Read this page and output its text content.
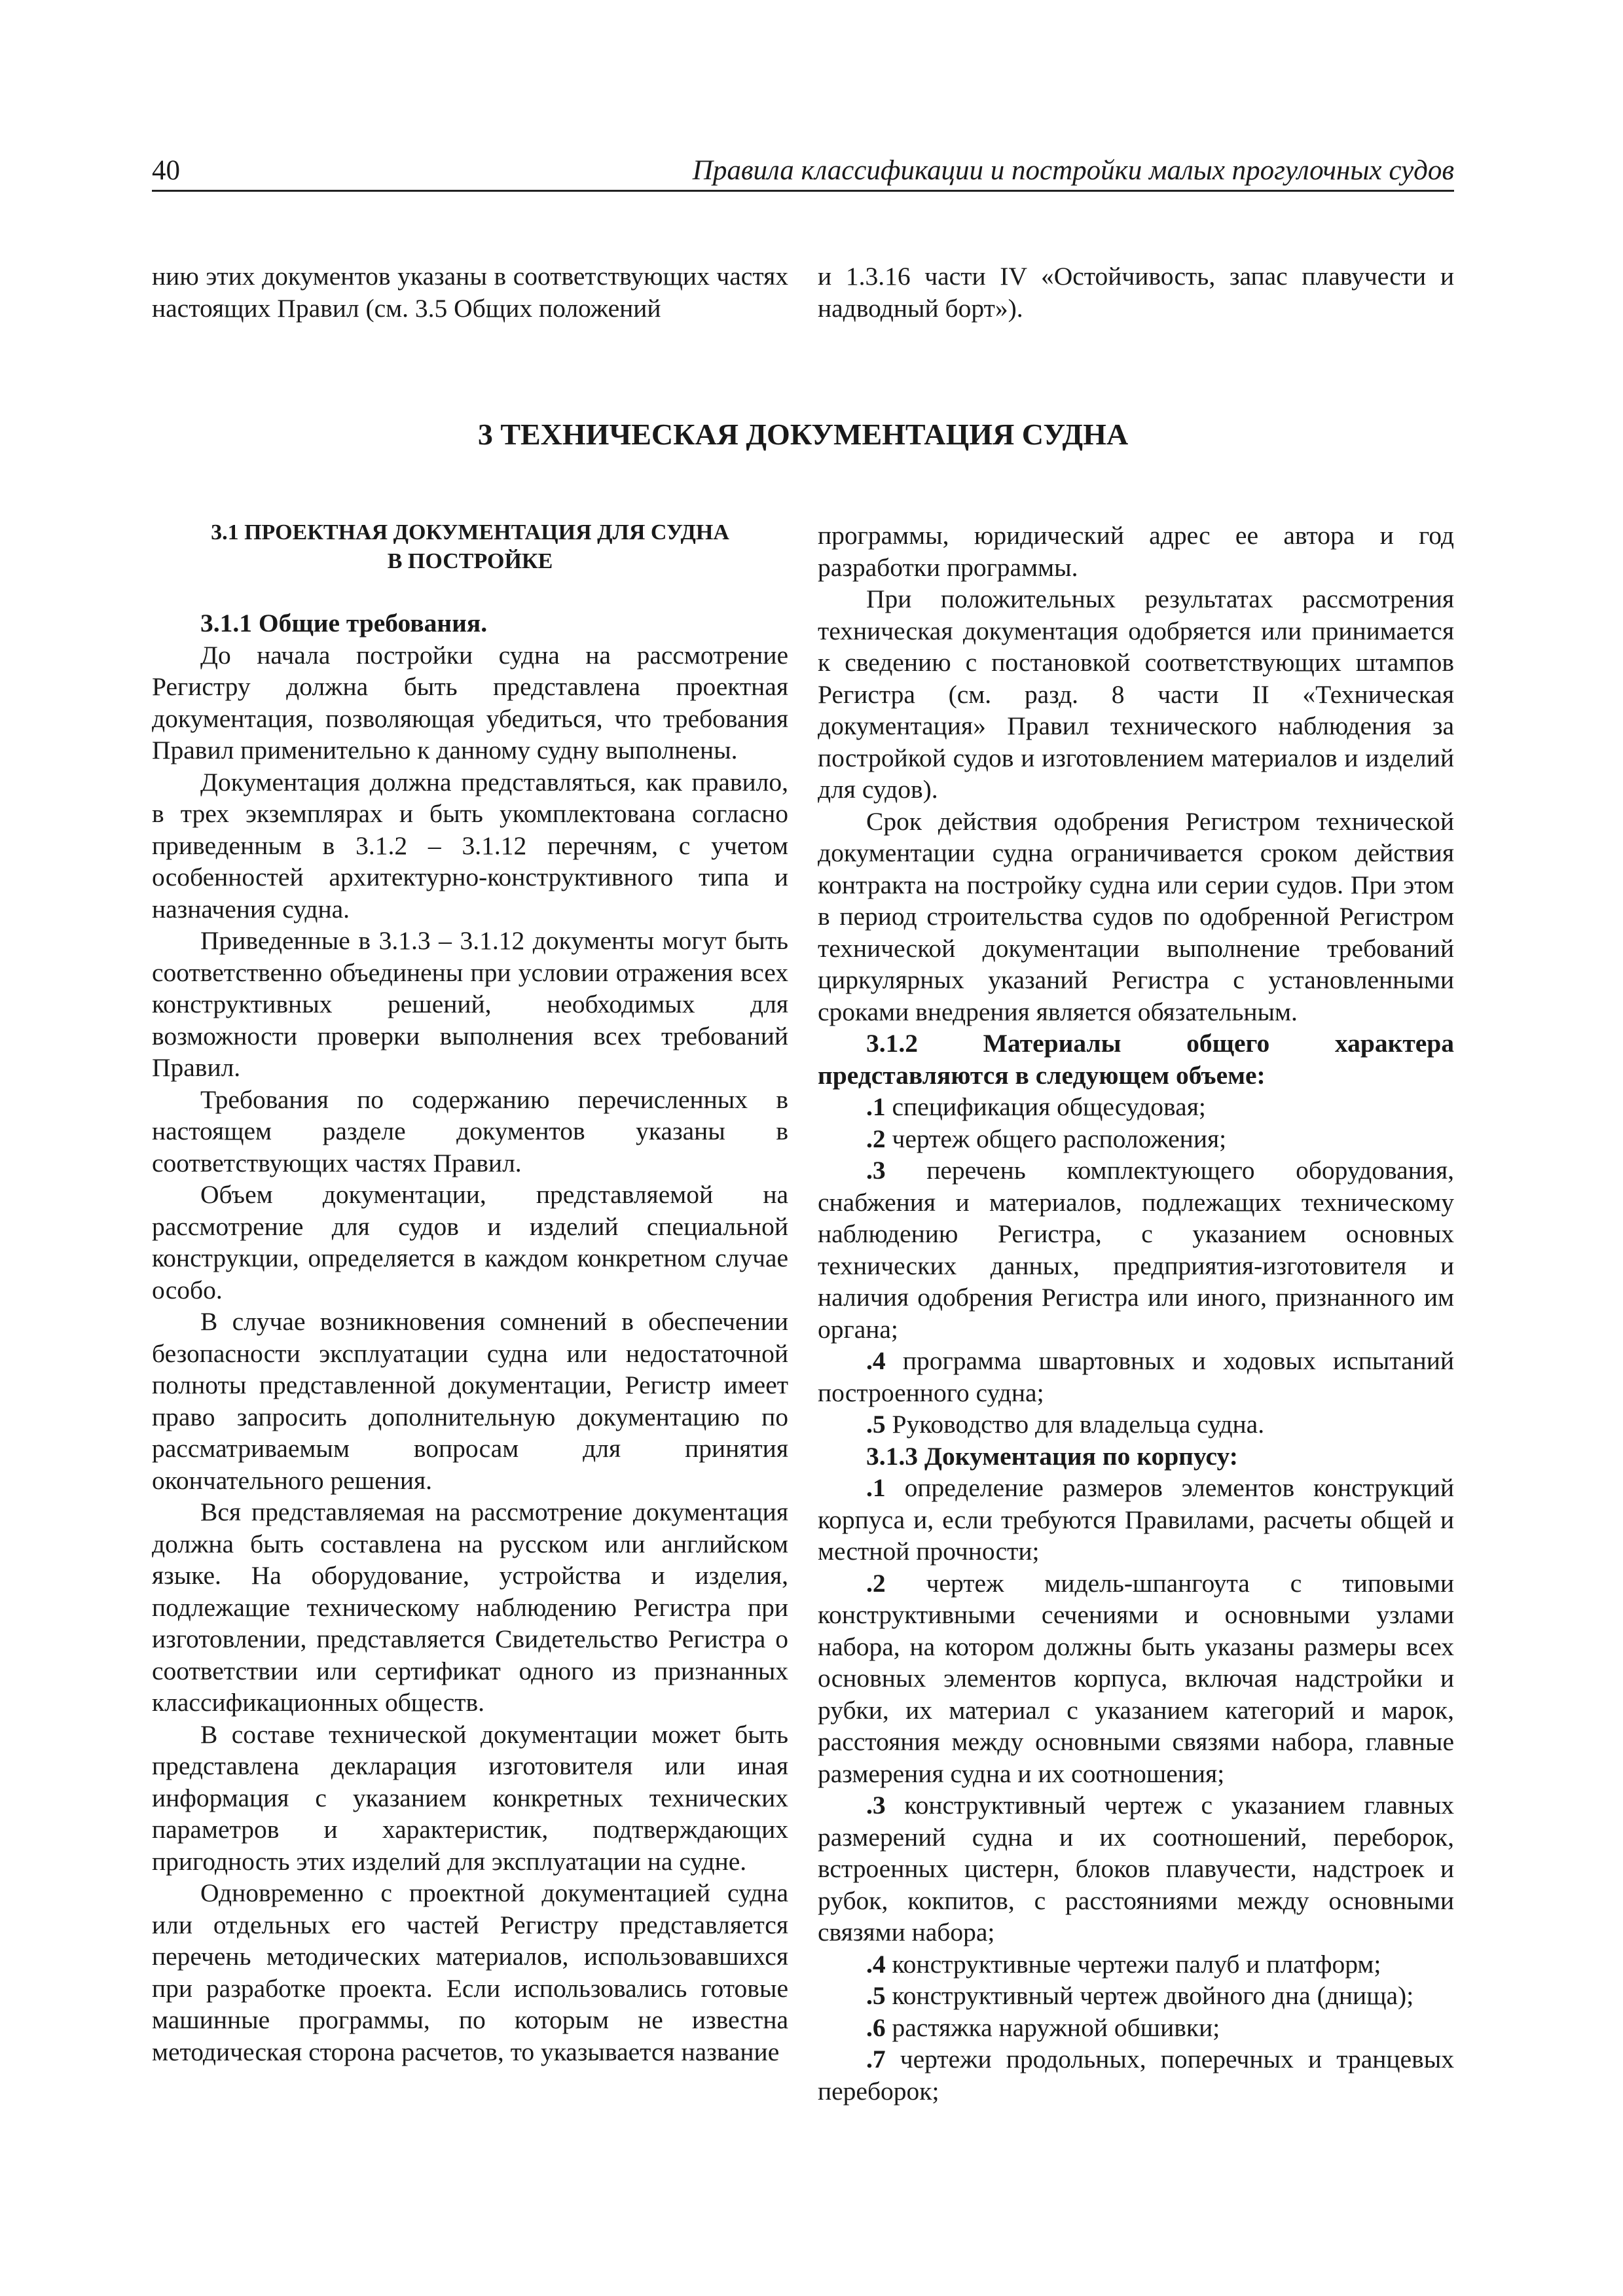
40	Правила классификации и постройки малых прогулочных судов

нию этих документов указаны в соответствующих частях настоящих Правил (см. 3.5 Общих положений

и 1.3.16 части IV «Остойчивость, запас плавучести и надводный борт»).

3 ТЕХНИЧЕСКАЯ ДОКУМЕНТАЦИЯ СУДНА

3.1 ПРОЕКТНАЯ ДОКУМЕНТАЦИЯ ДЛЯ СУДНА

В ПОСТРОЙКЕ

3.1.1 Общие требования.

До начала постройки судна на рассмотрение Регистру должна быть представлена проектная документация, позволяющая убедиться, что требования Правил применительно к данному судну выполнены.

Документация должна представляться, как правило, в трех экземплярах и быть укомплектована согласно приведенным в 3.1.2 – 3.1.12 перечням, с учетом особенностей архитектурно-конструктивного типа и назначения судна.

Приведенные в 3.1.3 – 3.1.12 документы могут быть соответственно объединены при условии отражения всех конструктивных решений, необходимых для возможности проверки выполнения всех требований Правил.

Требования по содержанию перечисленных в настоящем разделе документов указаны в соответствующих частях Правил.

Объем документации, представляемой на рассмотрение для судов и изделий специальной конструкции, определяется в каждом конкретном случае особо.

В случае возникновения сомнений в обеспечении безопасности эксплуатации судна или недостаточной полноты представленной документации, Регистр имеет право запросить дополнительную документацию по рассматриваемым вопросам для принятия окончательного решения.

Вся представляемая на рассмотрение документация должна быть составлена на русском или английском языке. На оборудование, устройства и изделия, подлежащие техническому наблюдению Регистра при изготовлении, представляется Свидетельство Регистра о соответствии или сертификат одного из признанных классификационных обществ.

В составе технической документации может быть представлена декларация изготовителя или иная информация с указанием конкретных технических параметров и характеристик, подтверждающих пригодность этих изделий для эксплуатации на судне.

Одновременно с проектной документацией судна или отдельных его частей Регистру представляется перечень методических материалов, использовавшихся при разработке проекта. Если использовались готовые машинные программы, по которым не известна методическая сторона расчетов, то указывается название

программы, юридический адрес ее автора и год разработки программы.

При положительных результатах рассмотрения техническая документация одобряется или принимается к сведению с постановкой соответствующих штампов Регистра (см. разд. 8 части II «Техническая документация» Правил технического наблюдения за постройкой судов и изготовлением материалов и изделий для судов).

Срок действия одобрения Регистром технической документации судна ограничивается сроком действия контракта на постройку судна или серии судов. При этом в период строительства судов по одобренной Регистром технической документации выполнение требований циркулярных указаний Регистра с установленными сроками внедрения является обязательным.

3.1.2 Материалы общего характера представляются в следующем объеме:

.1 спецификация общесудовая;

.2 чертеж общего расположения;

.3 перечень комплектующего оборудования, снабжения и материалов, подлежащих техническому наблюдению Регистра, с указанием основных технических данных, предприятия-изготовителя и наличия одобрения Регистра или иного, признанного им органа;

.4 программа швартовных и ходовых испытаний построенного судна;

.5 Руководство для владельца судна.

3.1.3 Документация по корпусу:

.1 определение размеров элементов конструкций корпуса и, если требуются Правилами, расчеты общей и местной прочности;

.2 чертеж мидель-шпангоута с типовыми конструктивными сечениями и основными узлами набора, на котором должны быть указаны размеры всех основных элементов корпуса, включая надстройки и рубки, их материал с указанием категорий и марок, расстояния между основными связями набора, главные размерения судна и их соотношения;

.3 конструктивный чертеж с указанием главных размерений судна и их соотношений, переборок, встроенных цистерн, блоков плавучести, надстроек и рубок, кокпитов, с расстояниями между основными связями набора;

.4 конструктивные чертежи палуб и платформ;

.5 конструктивный чертеж двойного дна (днища);

.6 растяжка наружной обшивки;

.7 чертежи продольных, поперечных и транцевых переборок;
